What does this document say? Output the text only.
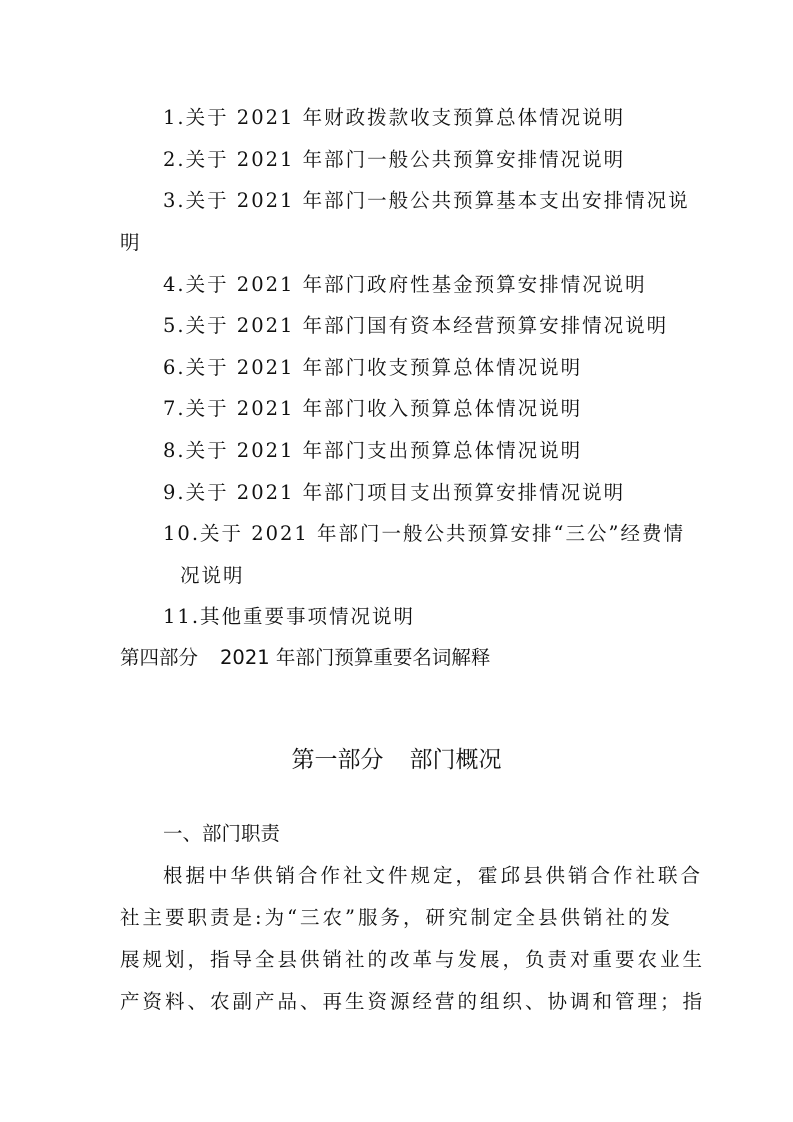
1.关于 2021 年财政拨款收支预算总体情况说明
2.关于 2021 年部门一般公共预算安排情况说明
3.关于 2021 年部门一般公共预算基本支出安排情况说
明
4.关于 2021 年部门政府性基金预算安排情况说明
5.关于 2021 年部门国有资本经营预算安排情况说明
6.关于 2021 年部门收支预算总体情况说明
7.关于 2021 年部门收入预算总体情况说明
8.关于 2021 年部门支出预算总体情况说明
9.关于 2021 年部门项目支出预算安排情况说明
10.关于 2021 年部门一般公共预算安排“三公”经费情
况说明
11.其他重要事项情况说明
第四部分 2021 年部门预算重要名词解释
第一部分 部门概况
一、部门职责
根据中华供销合作社文件规定，霍邱县供销合作社联合
社主要职责是:为“三农”服务，研究制定全县供销社的发
展规划，指导全县供销社的改革与发展，负责对重要农业生
产资料、农副产品、再生资源经营的组织、协调和管理；指
